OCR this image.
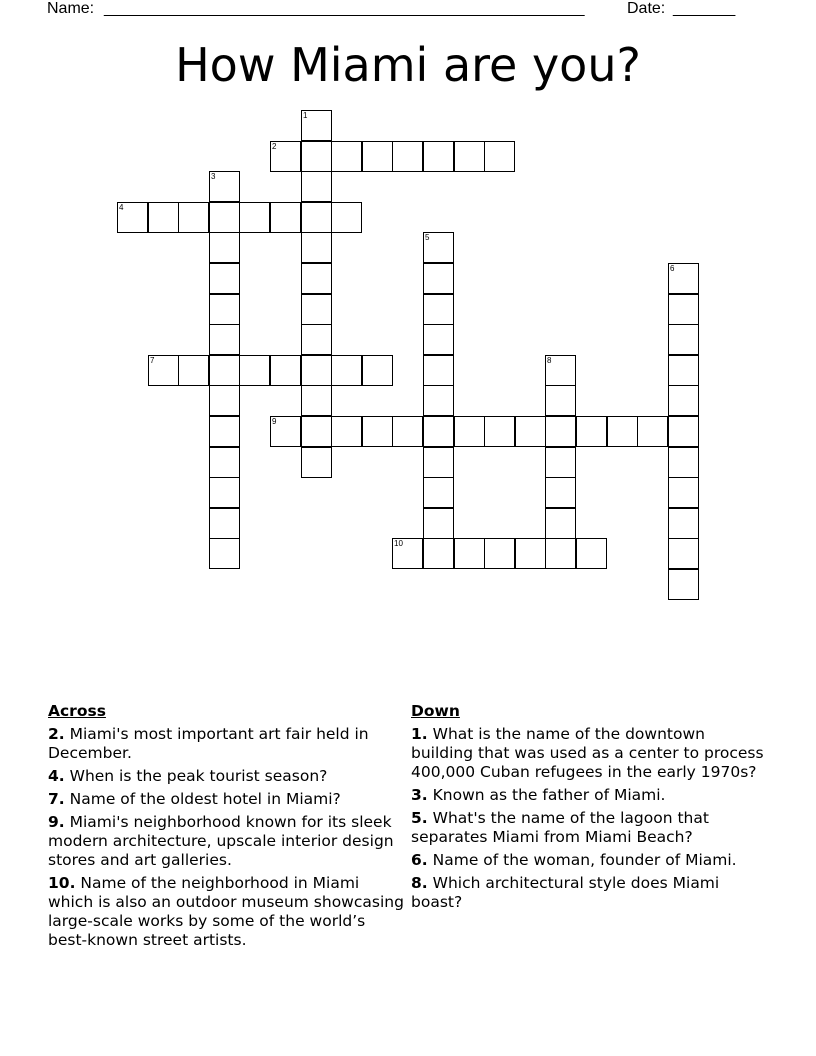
Name: ______________________________________________________	Date: _______
How Miami are you?
1
2
3
4
5
6
7	8
9
10
Across
2. Miami's most important art fair held in December.
4. When is the peak tourist season?
7. Name of the oldest hotel in Miami?
9. Miami's neighborhood known for its sleek modern architecture, upscale interior design stores and art galleries.
10. Name of the neighborhood in Miami which is also an outdoor museum showcasing large-scale works by some of the world’s best-known street artists.
Down
1. What is the name of the downtown building that was used as a center to process 400,000 Cuban refugees in the early 1970s?
3. Known as the father of Miami.
5. What's the name of the lagoon that separates Miami from Miami Beach?
6. Name of the woman, founder of Miami.
8. Which architectural style does Miami boast?
